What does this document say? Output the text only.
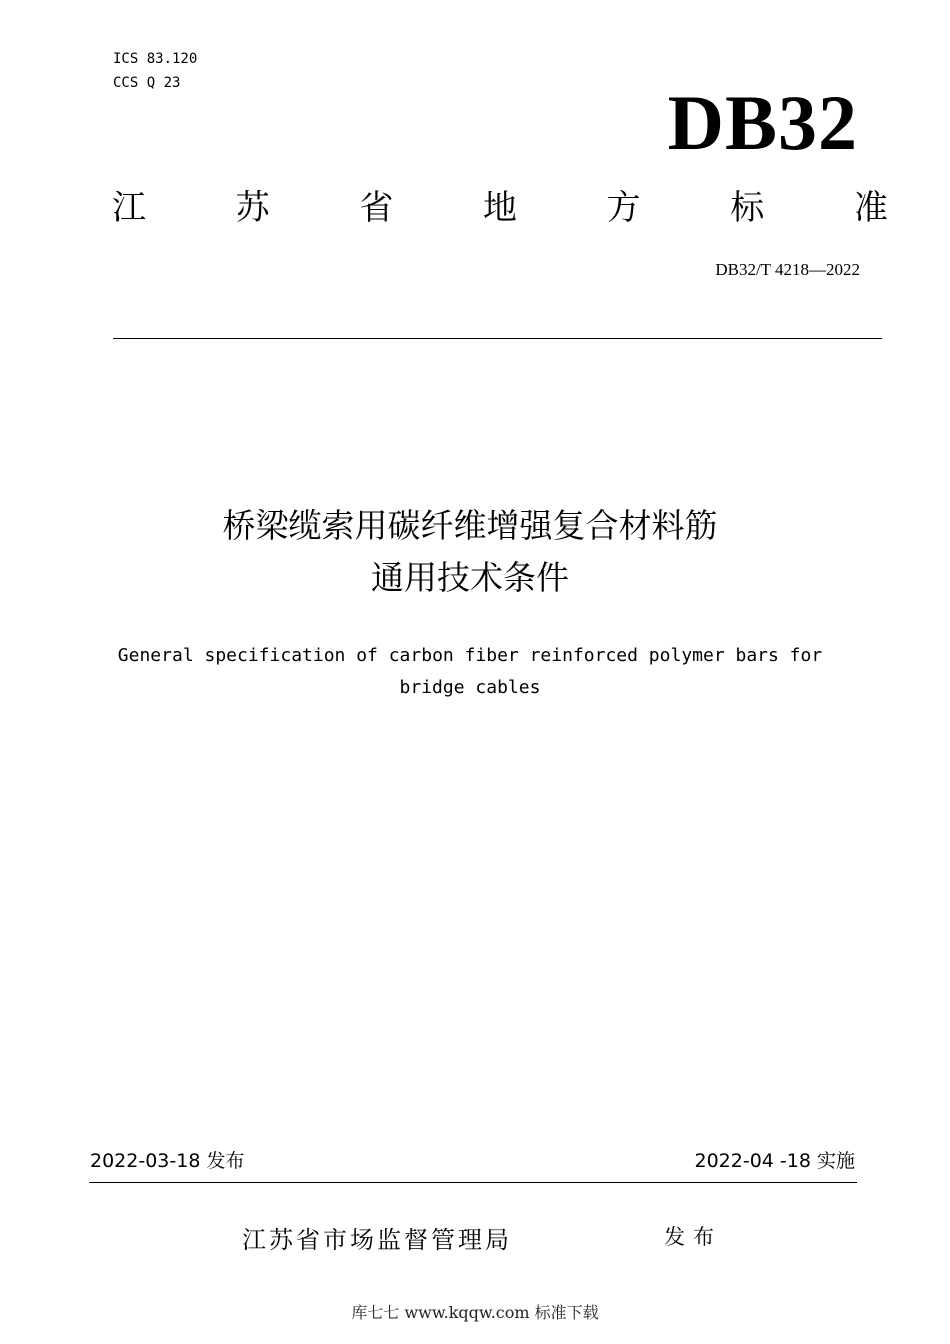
ICS 83.120
CCS Q 23	DB32
江	苏	省	地	方	标	准
DB32/T 4218—2022
桥梁缆索用碳纤维增强复合材料筋
通用技术条件
General specification of carbon fiber reinforced polymer bars for
bridge cables
2022-03-18 发布	2022-04 -18 实施
江苏省市场监督管理局	发布
库七七 www.kqqw.com 标准下载
